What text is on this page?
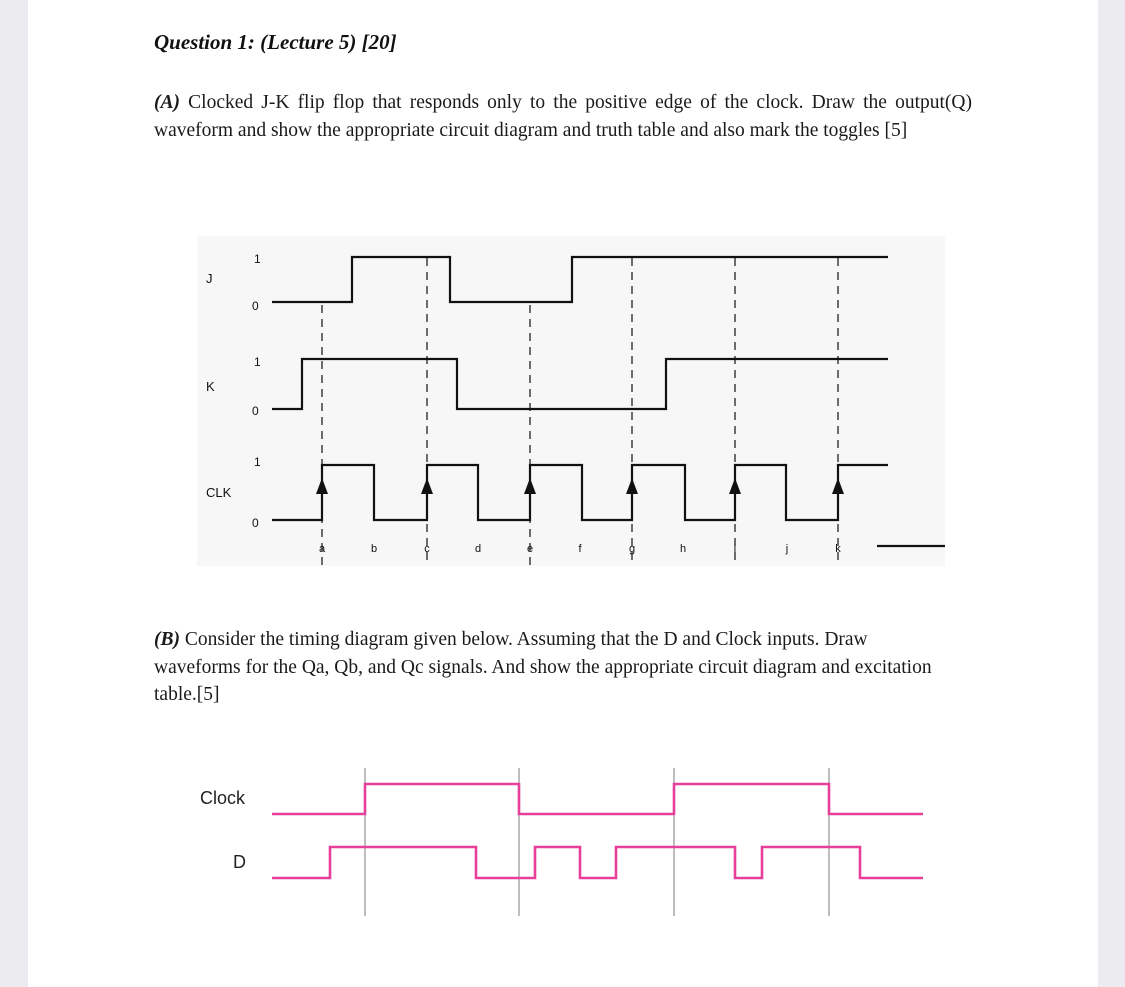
Question 1: (Lecture 5) [20]
(A) Clocked J-K flip flop that responds only to the positive edge of the clock. Draw the output(Q) waveform and show the appropriate circuit diagram and truth table and also mark the toggles [5]
J
K
CLK
1
0
1
0
1
0
a	b	c	d	e	f	g	h	i	j	k
(B) Consider the timing diagram given below. Assuming that the D and Clock inputs. Draw waveforms for the Qa, Qb, and Qc signals. And show the appropriate circuit diagram and excitation table.[5]
Clock
D
